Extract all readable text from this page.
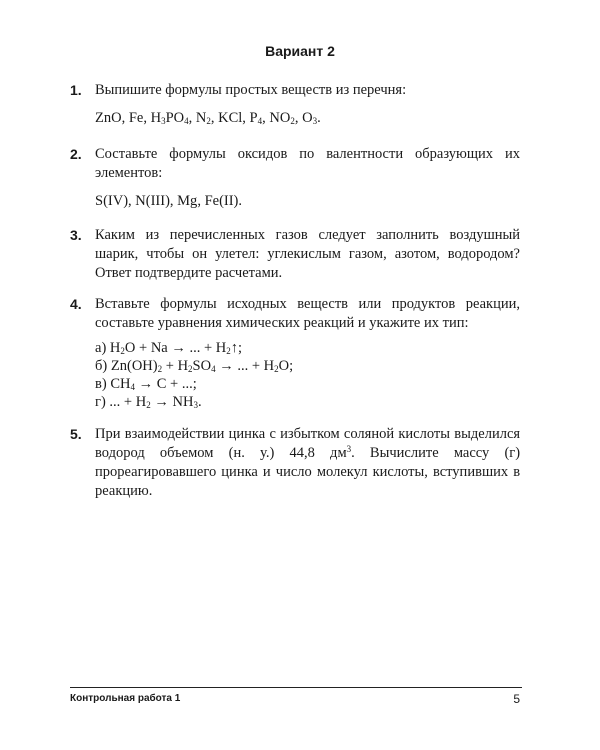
Вариант 2
1. Выпишите формулы простых веществ из перечня:
ZnO, Fe, $H_3PO_4$, $N_2$, KCl, $P_4$, $NO_2$, $O_3$.
2. Составьте формулы оксидов по валентности образующих их элементов:
S(IV), N(III), Mg, Fe(II).
3. Каким из перечисленных газов следует заполнить воздушный шарик, чтобы он улетел: углекислым газом, азотом, водородом? Ответ подтвердите расчетами.
4. Вставьте формулы исходных веществ или продуктов реакции, составьте уравнения химических реакций и укажите их тип:
а) $H_2O + Na$ → ... + $H_2↑$;
б) $Zn(OH)_2 + H_2SO_4$ → ... + $H_2O$;
в) $CH_4 \to C$ + ...;
г) ... + $H_2 \to NH_3$.
5. При взаимодействии цинка с избытком соляной кислоты выделился водород объемом (н. у.) 44,8 $дм^3$. Вычислите массу (г) прореагировавшего цинка и число молекул кислоты, вступивших в реакцию.
Контрольная работа 1	5
